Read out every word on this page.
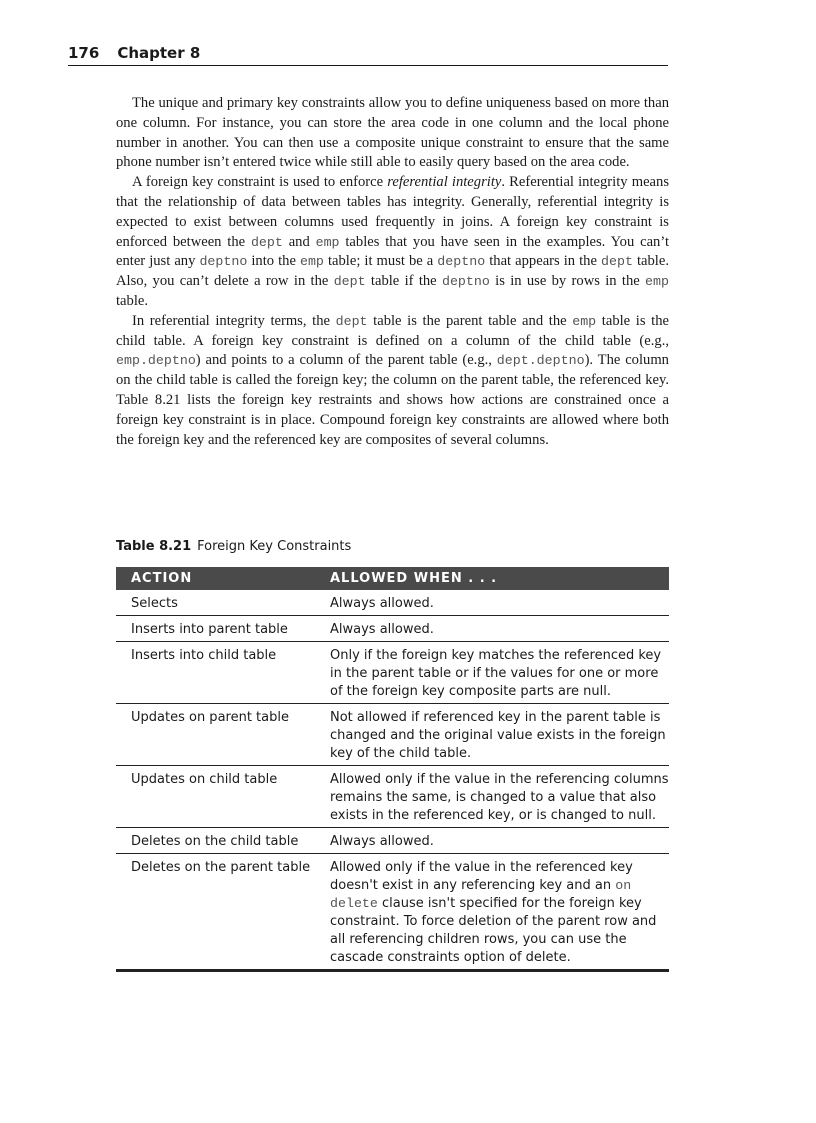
176 Chapter 8

The unique and primary key constraints allow you to define uniqueness based on more than one column. For instance, you can store the area code in one column and the local phone number in another. You can then use a composite unique constraint to ensure that the same phone number isn’t entered twice while still able to easily query based on the area code.

A foreign key constraint is used to enforce referential integrity. Referential integrity means that the relationship of data between tables has integrity. Generally, referential integrity is expected to exist between columns used frequently in joins. A foreign key constraint is enforced between the dept and emp tables that you have seen in the examples. You can’t enter just any deptno into the emp table; it must be a deptno that appears in the dept table. Also, you can’t delete a row in the dept table if the deptno is in use by rows in the emp table.

In referential integrity terms, the dept table is the parent table and the emp table is the child table. A foreign key constraint is defined on a column of the child table (e.g., emp.deptno) and points to a column of the parent table (e.g., dept.deptno). The column on the child table is called the foreign key; the column on the parent table, the referenced key. Table 8.21 lists the foreign key restraints and shows how actions are constrained once a foreign key constraint is in place. Compound foreign key constraints are allowed where both the foreign key and the referenced key are composites of several columns.

Table 8.21 Foreign Key Constraints
ACTION	ALLOWED WHEN . . .
Selects	Always allowed.
Inserts into parent table	Always allowed.
Inserts into child table	Only if the foreign key matches the referenced key in the parent table or if the values for one or more of the foreign key composite parts are null.
Updates on parent table	Not allowed if referenced key in the parent table is changed and the original value exists in the foreign key of the child table.
Updates on child table	Allowed only if the value in the referencing columns remains the same, is changed to a value that also exists in the referenced key, or is changed to null.
Deletes on the child table	Always allowed.
Deletes on the parent table	Allowed only if the value in the referenced key doesn't exist in any referencing key and an on delete clause isn't specified for the foreign key constraint. To force deletion of the parent row and all referencing children rows, you can use the cascade constraints option of delete.
